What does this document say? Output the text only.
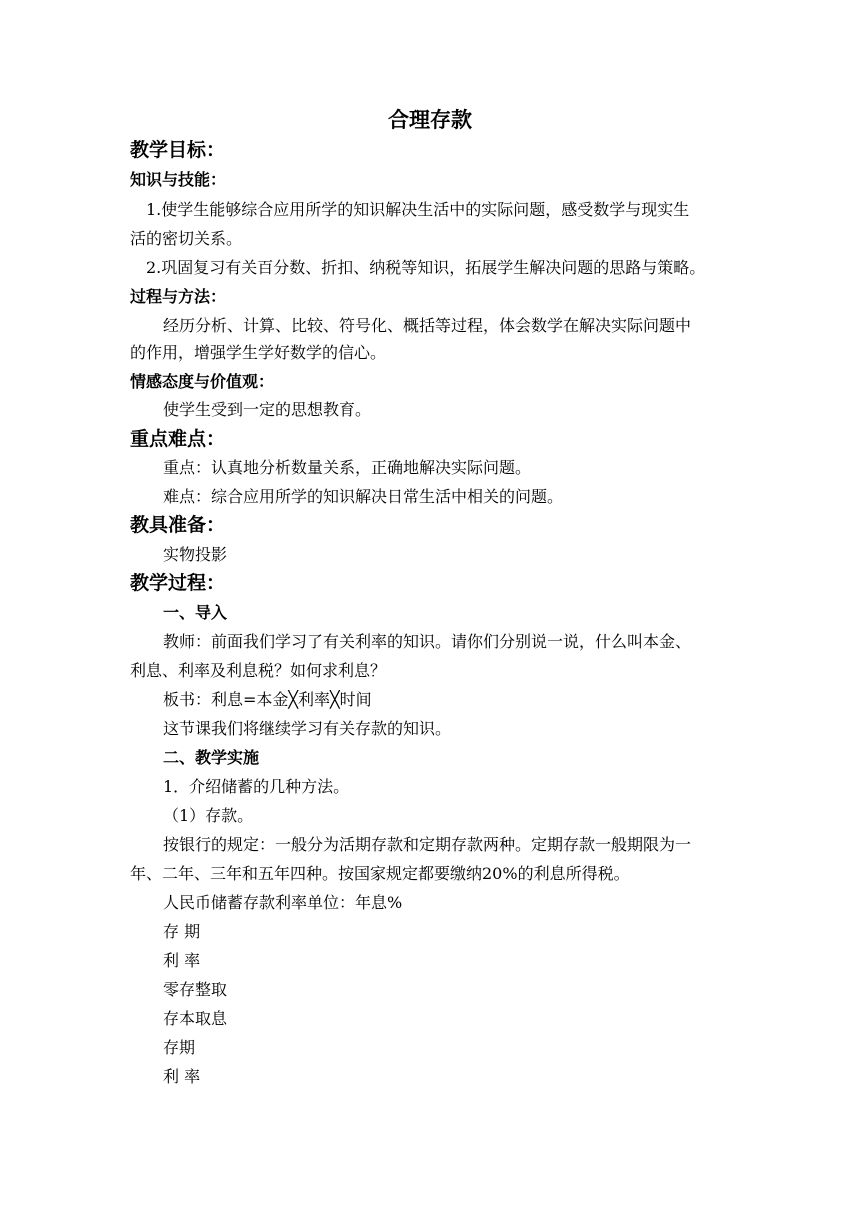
合理存款
教学目标：
知识与技能：
1.使学生能够综合应用所学的知识解决生活中的实际问题，感受数学与现实生
活的密切关系。
2.巩固复习有关百分数、折扣、纳税等知识，拓展学生解决问题的思路与策略。
过程与方法：
经历分析、计算、比较、符号化、概括等过程，体会数学在解决实际问题中
的作用，增强学生学好数学的信心。
情感态度与价值观：
使学生受到一定的思想教育。
重点难点：
重点：认真地分析数量关系，正确地解决实际问题。
难点：综合应用所学的知识解决日常生活中相关的问题。
教具准备：
实物投影
教学过程：
一、导入
教师：前面我们学习了有关利率的知识。请你们分别说一说，什么叫本金、
利息、利率及利息税？如何求利息？
板书：利息=本金╳利率╳时间
这节课我们将继续学习有关存款的知识。
二、教学实施
1．介绍储蓄的几种方法。
（1）存款。
按银行的规定：一般分为活期存款和定期存款两种。定期存款一般期限为一
年、二年、三年和五年四种。按国家规定都要缴纳20%的利息所得税。
人民币储蓄存款利率单位：年息%
存 期
利 率
零存整取
存本取息
存期
利 率
